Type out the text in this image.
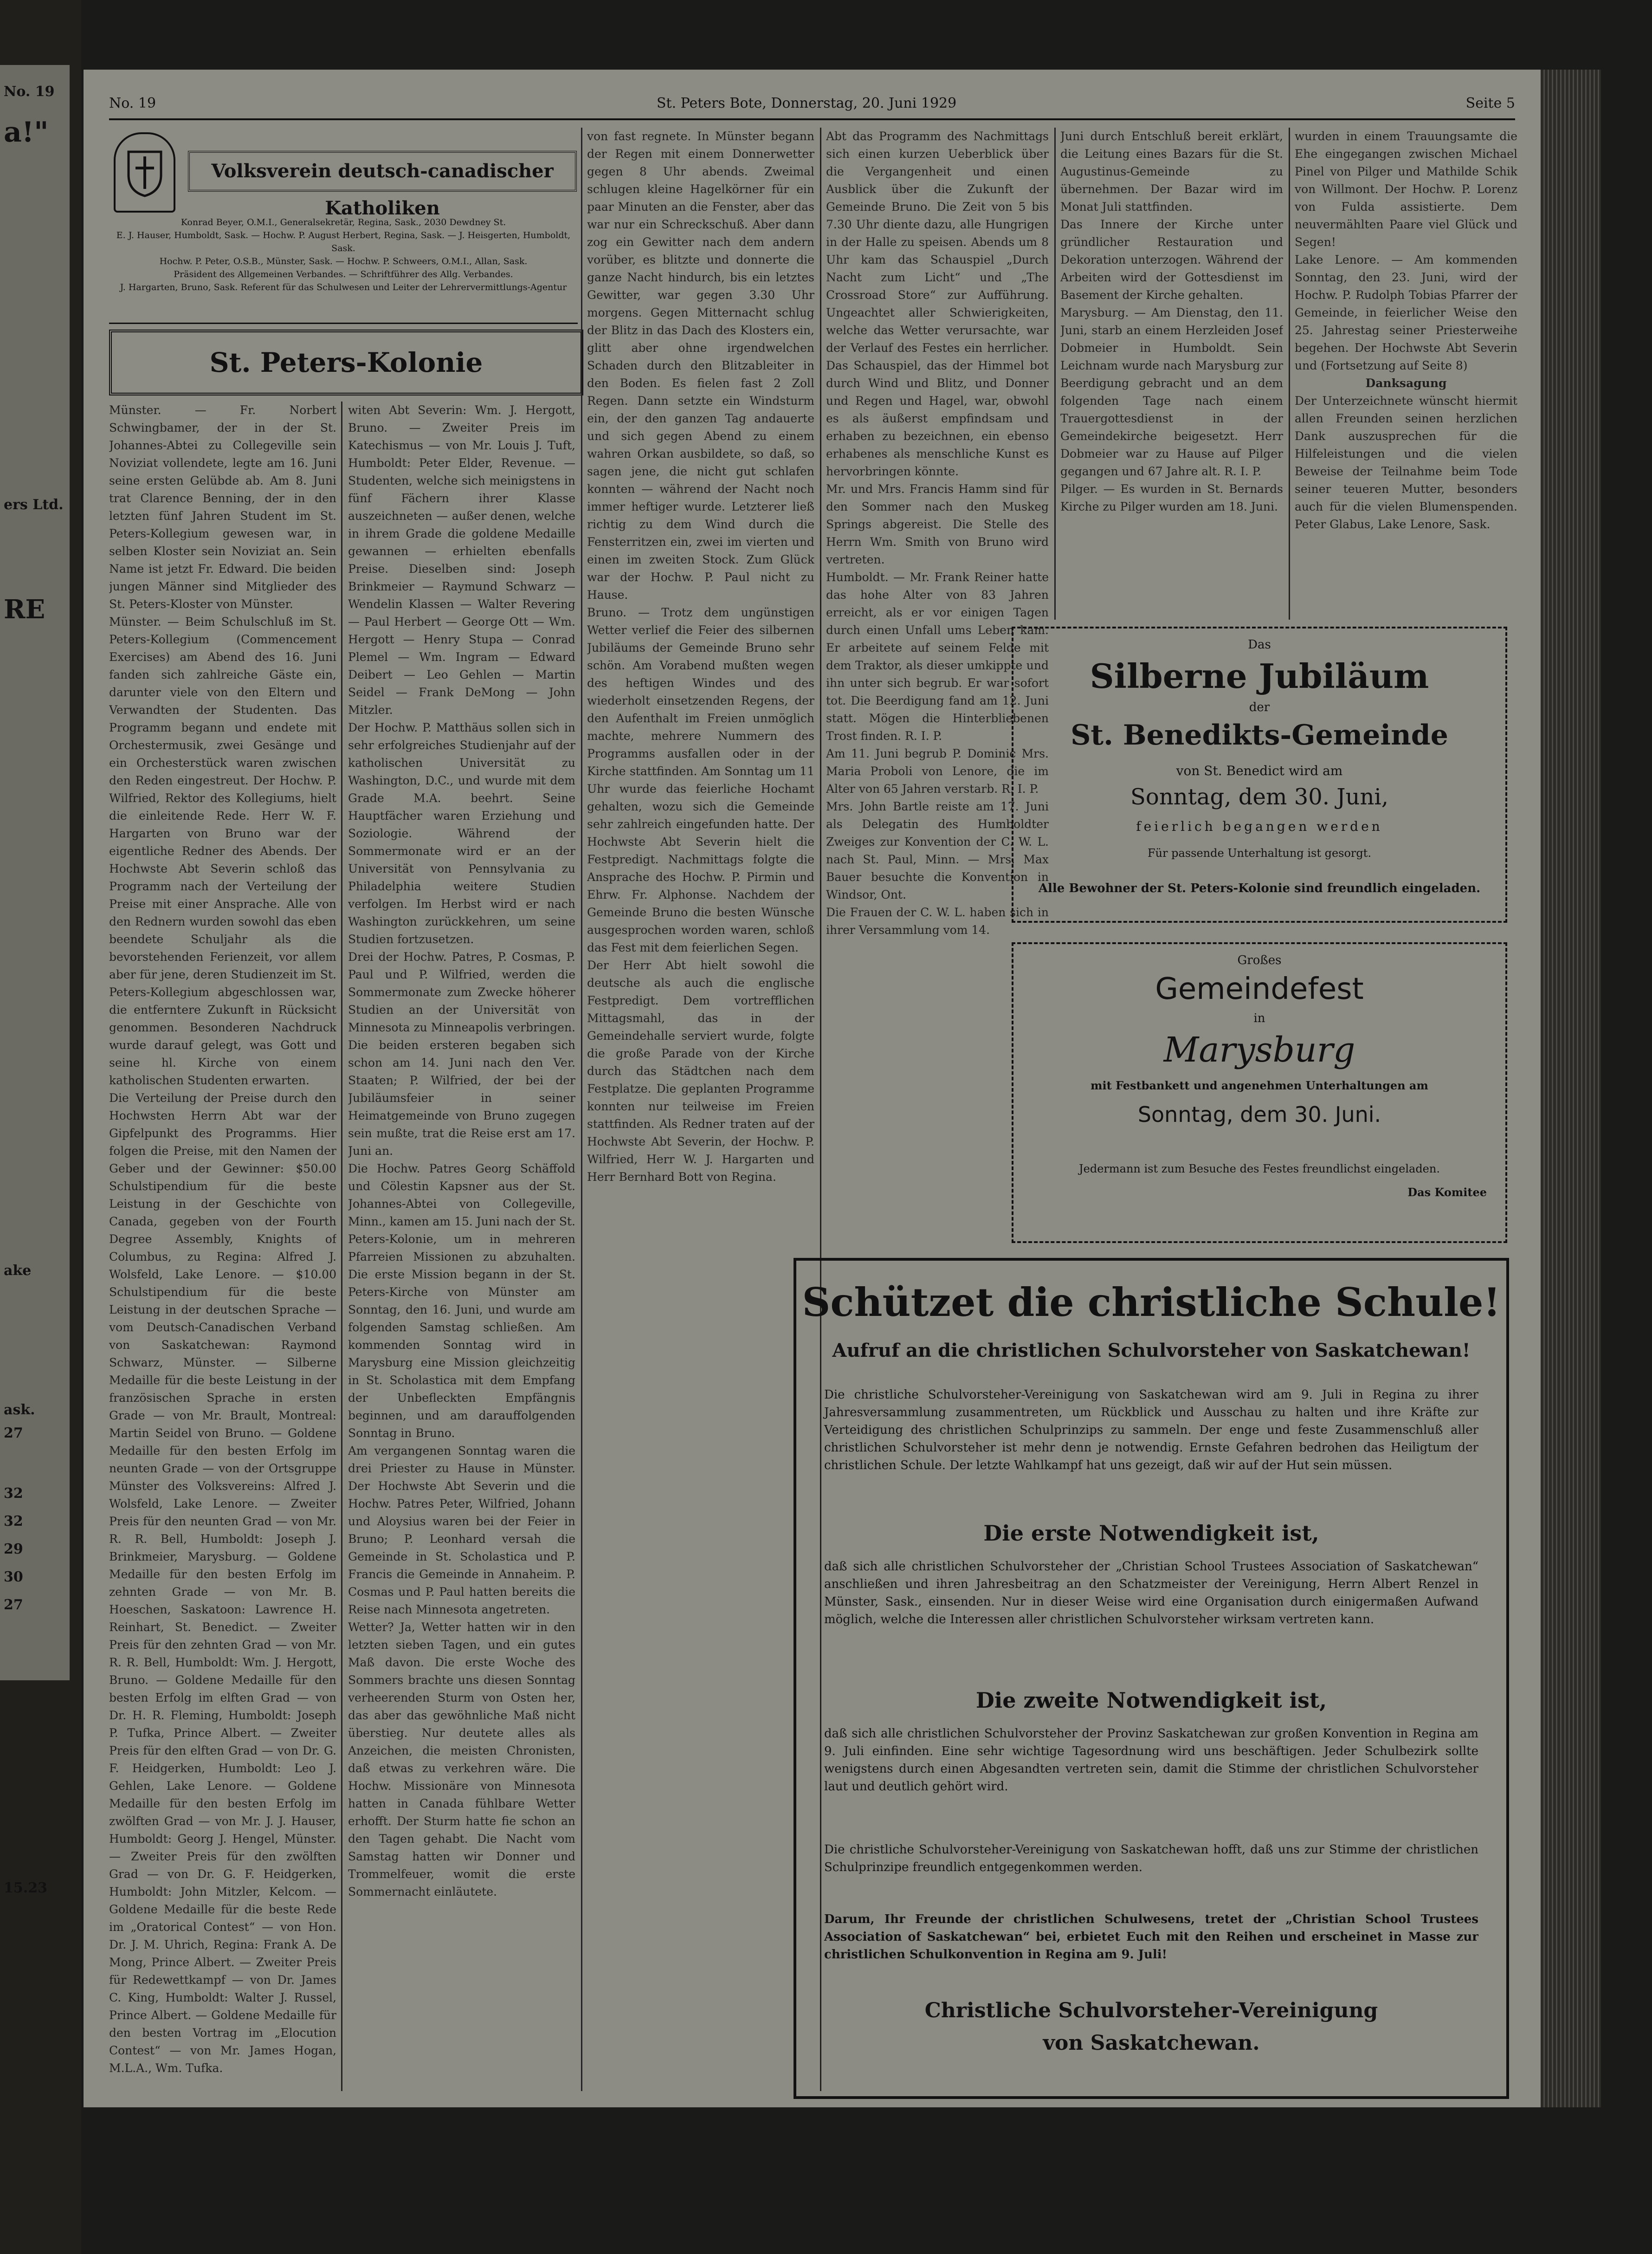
No. 19
a!"
ers Ltd.
RE
ake
ask.
27
32
32
29
30
27
15.23
No. 19	St. Peters Bote, Donnerstag, 20. Juni 1929	Seite 5
Volksverein deutsch-canadischer Katholiken
Konrad Beyer, O.M.I., Generalsekretär, Regina, Sask., 2030 Dewdney St.
E. J. Hauser, Humboldt, Sask. — Hochw. P. August Herbert, Regina, Sask. — J. Heisgerten, Humboldt, Sask.
Hochw. P. Peter, O.S.B., Münster, Sask. — Hochw. P. Schweers, O.M.I., Allan, Sask.
Präsident des Allgemeinen Verbandes. — Schriftführer des Allg. Verbandes.
J. Hargarten, Bruno, Sask. Referent für das Schulwesen und Leiter der Lehrervermittlungs-Agentur
St. Peters-Kolonie

Münster. — Fr. Norbert Schwingbamer, der in der St. Johannes-Abtei zu Collegeville sein Noviziat vollendete, legte am 16. Juni seine ersten Gelübde ab. Am 8. Juni trat Clarence Benning, der in den letzten fünf Jahren Student im St. Peters-Kollegium gewesen war, in selben Kloster sein Noviziat an. Sein Name ist jetzt Fr. Edward. Die beiden jungen Männer sind Mitglieder des St. Peters-Kloster von Münster.

Münster. — Beim Schulschluß im St. Peters-Kollegium (Commencement Exercises) am Abend des 16. Juni fanden sich zahlreiche Gäste ein, darunter viele von den Eltern und Verwandten der Studenten. Das Programm begann und endete mit Orchestermusik, zwei Gesänge und ein Orchesterstück waren zwischen den Reden eingestreut. Der Hochw. P. Wilfried, Rektor des Kollegiums, hielt die einleitende Rede. Herr W. F. Hargarten von Bruno war der eigentliche Redner des Abends. Der Hochwste Abt Severin schloß das Programm nach der Verteilung der Preise mit einer Ansprache. Alle von den Rednern wurden sowohl das eben beendete Schuljahr als die bevorstehenden Ferienzeit, vor allem aber für jene, deren Studienzeit im St. Peters-Kollegium abgeschlossen war, die entferntere Zukunft in Rücksicht genommen. Besonderen Nachdruck wurde darauf gelegt, was Gott und seine hl. Kirche von einem katholischen Studenten erwarten.

Die Verteilung der Preise durch den Hochwsten Herrn Abt war der Gipfelpunkt des Programms. Hier folgen die Preise, mit den Namen der Geber und der Gewinner: $50.00 Schulstipendium für die beste Leistung in der Geschichte von Canada, gegeben von der Fourth Degree Assembly, Knights of Columbus, zu Regina: Alfred J. Wolsfeld, Lake Lenore. — $10.00 Schulstipendium für die beste Leistung in der deutschen Sprache — vom Deutsch-Canadischen Verband von Saskatchewan: Raymond Schwarz, Münster. — Silberne Medaille für die beste Leistung in der französischen Sprache in ersten Grade — von Mr. Brault, Montreal: Martin Seidel von Bruno. — Goldene Medaille für den besten Erfolg im neunten Grade — von der Ortsgruppe Münster des Volksvereins: Alfred J. Wolsfeld, Lake Lenore. — Zweiter Preis für den neunten Grad — von Mr. R. R. Bell, Humboldt: Joseph J. Brinkmeier, Marysburg. — Goldene Medaille für den besten Erfolg im zehnten Grade — von Mr. B. Hoeschen, Saskatoon: Lawrence H. Reinhart, St. Benedict. — Zweiter Preis für den zehnten Grad — von Mr. R. R. Bell, Humboldt: Wm. J. Hergott, Bruno. — Goldene Medaille für den besten Erfolg im elften Grad — von Dr. H. R. Fleming, Humboldt: Joseph P. Tufka, Prince Albert. — Zweiter Preis für den elften Grad — von Dr. G. F. Heidgerken, Humboldt: Leo J. Gehlen, Lake Lenore. — Goldene Medaille für den besten Erfolg im zwölften Grad — von Mr. J. J. Hauser, Humboldt: Georg J. Hengel, Münster. — Zweiter Preis für den zwölften Grad — von Dr. G. F. Heidgerken, Humboldt: John Mitzler, Kelcom. — Goldene Medaille für die beste Rede im „Oratorical Contest“ — von Hon. Dr. J. M. Uhrich, Regina: Frank A. De Mong, Prince Albert. — Zweiter Preis für Redewettkampf — von Dr. James C. King, Humboldt: Walter J. Russel, Prince Albert. — Goldene Medaille für den besten Vortrag im „Elocution Contest“ — von Mr. James Hogan, M.L.A., Wm. Tufka.

witen Abt Severin: Wm. J. Hergott, Bruno. — Zweiter Preis im Katechismus — von Mr. Louis J. Tuft, Humboldt: Peter Elder, Revenue. — Studenten, welche sich meinigstens in fünf Fächern ihrer Klasse auszeichneten — außer denen, welche in ihrem Grade die goldene Medaille gewannen — erhielten ebenfalls Preise. Dieselben sind: Joseph Brinkmeier — Raymund Schwarz — Wendelin Klassen — Walter Revering — Paul Herbert — George Ott — Wm. Hergott — Henry Stupa — Conrad Plemel — Wm. Ingram — Edward Deibert — Leo Gehlen — Martin Seidel — Frank DeMong — John Mitzler.

Der Hochw. P. Matthäus sollen sich in sehr erfolgreiches Studienjahr auf der katholischen Universität zu Washington, D.C., und wurde mit dem Grade M.A. beehrt. Seine Hauptfächer waren Erziehung und Soziologie. Während der Sommermonate wird er an der Universität von Pennsylvania zu Philadelphia weitere Studien verfolgen. Im Herbst wird er nach Washington zurückkehren, um seine Studien fortzusetzen.

Drei der Hochw. Patres, P. Cosmas, P. Paul und P. Wilfried, werden die Sommermonate zum Zwecke höherer Studien an der Universität von Minnesota zu Minneapolis verbringen. Die beiden ersteren begaben sich schon am 14. Juni nach den Ver. Staaten; P. Wilfried, der bei der Jubiläumsfeier in seiner Heimatgemeinde von Bruno zugegen sein mußte, trat die Reise erst am 17. Juni an.

Die Hochw. Patres Georg Schäffold und Cölestin Kapsner aus der St. Johannes-Abtei von Collegeville, Minn., kamen am 15. Juni nach der St. Peters-Kolonie, um in mehreren Pfarreien Missionen zu abzuhalten. Die erste Mission begann in der St. Peters-Kirche von Münster am Sonntag, den 16. Juni, und wurde am folgenden Samstag schließen. Am kommenden Sonntag wird in Marysburg eine Mission gleichzeitig in St. Scholastica mit dem Empfang der Unbefleckten Empfängnis beginnen, und am darauffolgenden Sonntag in Bruno.

Am vergangenen Sonntag waren die drei Priester zu Hause in Münster. Der Hochwste Abt Severin und die Hochw. Patres Peter, Wilfried, Johann und Aloysius waren bei der Feier in Bruno; P. Leonhard versah die Gemeinde in St. Scholastica und P. Francis die Gemeinde in Annaheim. P. Cosmas und P. Paul hatten bereits die Reise nach Minnesota angetreten.

Wetter? Ja, Wetter hatten wir in den letzten sieben Tagen, und ein gutes Maß davon. Die erste Woche des Sommers brachte uns diesen Sonntag verheerenden Sturm von Osten her, das aber das gewöhnliche Maß nicht überstieg. Nur deutete alles als Anzeichen, die meisten Chronisten, daß etwas zu verkehren wäre. Die Hochw. Missionäre von Minnesota hatten in Canada fühlbare Wetter erhofft. Der Sturm hatte fie schon an den Tagen gehabt. Die Nacht vom Samstag hatten wir Donner und Trommelfeuer, womit die erste Sommernacht einläutete.

von fast regnete. In Münster begann der Regen mit einem Donnerwetter gegen 8 Uhr abends. Zweimal schlugen kleine Hagelkörner für ein paar Minuten an die Fenster, aber das war nur ein Schreckschuß. Aber dann zog ein Gewitter nach dem andern vorüber, es blitzte und donnerte die ganze Nacht hindurch, bis ein letztes Gewitter, war gegen 3.30 Uhr morgens. Gegen Mitternacht schlug der Blitz in das Dach des Klosters ein, glitt aber ohne irgendwelchen Schaden durch den Blitzableiter in den Boden. Es fielen fast 2 Zoll Regen. Dann setzte ein Windsturm ein, der den ganzen Tag andauerte und sich gegen Abend zu einem wahren Orkan ausbildete, so daß, so sagen jene, die nicht gut schlafen konnten — während der Nacht noch immer heftiger wurde. Letzterer ließ richtig zu dem Wind durch die Fensterritzen ein, zwei im vierten und einen im zweiten Stock. Zum Glück war der Hochw. P. Paul nicht zu Hause.

Bruno. — Trotz dem ungünstigen Wetter verlief die Feier des silbernen Jubiläums der Gemeinde Bruno sehr schön. Am Vorabend mußten wegen des heftigen Windes und des wiederholt einsetzenden Regens, der den Aufenthalt im Freien unmöglich machte, mehrere Nummern des Programms ausfallen oder in der Kirche stattfinden. Am Sonntag um 11 Uhr wurde das feierliche Hochamt gehalten, wozu sich die Gemeinde sehr zahlreich eingefunden hatte. Der Hochwste Abt Severin hielt die Festpredigt. Nachmittags folgte die Ansprache des Hochw. P. Pirmin und Ehrw. Fr. Alphonse. Nachdem der Gemeinde Bruno die besten Wünsche ausgesprochen worden waren, schloß das Fest mit dem feierlichen Segen.

Der Herr Abt hielt sowohl die deutsche als auch die englische Festpredigt. Dem vortrefflichen Mittagsmahl, das in der Gemeindehalle serviert wurde, folgte die große Parade von der Kirche durch das Städtchen nach dem Festplatze. Die geplanten Programme konnten nur teilweise im Freien stattfinden. Als Redner traten auf der Hochwste Abt Severin, der Hochw. P. Wilfried, Herr W. J. Hargarten und Herr Bernhard Bott von Regina.

Abt das Programm des Nachmittags sich einen kurzen Ueberblick über die Vergangenheit und einen Ausblick über die Zukunft der Gemeinde Bruno. Die Zeit von 5 bis 7.30 Uhr diente dazu, alle Hungrigen in der Halle zu speisen. Abends um 8 Uhr kam das Schauspiel „Durch Nacht zum Licht“ und „The Crossroad Store“ zur Aufführung. Ungeachtet aller Schwierigkeiten, welche das Wetter verursachte, war der Verlauf des Festes ein herrlicher. Das Schauspiel, das der Himmel bot durch Wind und Blitz, und Donner und Regen und Hagel, war, obwohl es als äußerst empfindsam und erhaben zu bezeichnen, ein ebenso erhabenes als menschliche Kunst es hervorbringen könnte.

Mr. und Mrs. Francis Hamm sind für den Sommer nach den Muskeg Springs abgereist. Die Stelle des Herrn Wm. Smith von Bruno wird vertreten.

Humboldt. — Mr. Frank Reiner hatte das hohe Alter von 83 Jahren erreicht, als er vor einigen Tagen durch einen Unfall ums Leben kam. Er arbeitete auf seinem Felde mit dem Traktor, als dieser umkippte und ihn unter sich begrub. Er war sofort tot. Die Beerdigung fand am 12. Juni statt. Mögen die Hinterbliebenen Trost finden. R. I. P.

Am 11. Juni begrub P. Dominic Mrs. Maria Proboli von Lenore, die im Alter von 65 Jahren verstarb. R. I. P.

Mrs. John Bartle reiste am 17. Juni als Delegatin des Humboldter Zweiges zur Konvention der C. W. L. nach St. Paul, Minn. — Mrs. Max Bauer besuchte die Konvention in Windsor, Ont.

Die Frauen der C. W. L. haben sich in ihrer Versammlung vom 14.

Juni durch Entschluß bereit erklärt, die Leitung eines Bazars für die St. Augustinus-Gemeinde zu übernehmen. Der Bazar wird im Monat Juli stattfinden.

Das Innere der Kirche unter gründlicher Restauration und Dekoration unterzogen. Während der Arbeiten wird der Gottesdienst im Basement der Kirche gehalten.

Marysburg. — Am Dienstag, den 11. Juni, starb an einem Herzleiden Josef Dobmeier in Humboldt. Sein Leichnam wurde nach Marysburg zur Beerdigung gebracht und an dem folgenden Tage nach einem Trauergottesdienst in der Gemeindekirche beigesetzt. Herr Dobmeier war zu Hause auf Pilger gegangen und 67 Jahre alt. R. I. P.

Pilger. — Es wurden in St. Bernards Kirche zu Pilger wurden am 18. Juni.

wurden in einem Trauungsamte die Ehe eingegangen zwischen Michael Pinel von Pilger und Mathilde Schik von Willmont. Der Hochw. P. Lorenz von Fulda assistierte. Dem neuvermählten Paare viel Glück und Segen!

Lake Lenore. — Am kommenden Sonntag, den 23. Juni, wird der Hochw. P. Rudolph Tobias Pfarrer der Gemeinde, in feierlicher Weise den 25. Jahrestag seiner Priesterweihe begehen. Der Hochwste Abt Severin und (Fortsetzung auf Seite 8)

Danksagung

Der Unterzeichnete wünscht hiermit allen Freunden seinen herzlichen Dank auszusprechen für die Hilfeleistungen und die vielen Beweise der Teilnahme beim Tode seiner teueren Mutter, besonders auch für die vielen Blumenspenden. Peter Glabus, Lake Lenore, Sask.

Das
Silberne Jubiläum
der
St. Benedikts-Gemeinde
von St. Benedict wird am
Sonntag, dem 30. Juni,
feierlich begangen werden
Für passende Unterhaltung ist gesorgt.
Alle Bewohner der St. Peters-Kolonie sind freundlich eingeladen.
Großes
Gemeindefest
in
Marysburg
mit Festbankett und angenehmen Unterhaltungen am
Sonntag, dem 30. Juni.
Jedermann ist zum Besuche des Festes freundlichst eingeladen.
Das Komitee
Schützet die christliche Schule!
Aufruf an die christlichen Schulvorsteher von Saskatchewan!

Die christliche Schulvorsteher-Vereinigung von Saskatchewan wird am 9. Juli in Regina zu ihrer Jahresversammlung zusammentreten, um Rückblick und Ausschau zu halten und ihre Kräfte zur Verteidigung des christlichen Schulprinzips zu sammeln. Der enge und feste Zusammenschluß aller christlichen Schulvorsteher ist mehr denn je notwendig. Ernste Gefahren bedrohen das Heiligtum der christlichen Schule. Der letzte Wahlkampf hat uns gezeigt, daß wir auf der Hut sein müssen.

Die erste Notwendigkeit ist,

daß sich alle christlichen Schulvorsteher der „Christian School Trustees Association of Saskatchewan“ anschließen und ihren Jahresbeitrag an den Schatzmeister der Vereinigung, Herrn Albert Renzel in Münster, Sask., einsenden. Nur in dieser Weise wird eine Organisation durch einigermaßen Aufwand möglich, welche die Interessen aller christlichen Schulvorsteher wirksam vertreten kann.

Die zweite Notwendigkeit ist,

daß sich alle christlichen Schulvorsteher der Provinz Saskatchewan zur großen Konvention in Regina am 9. Juli einfinden. Eine sehr wichtige Tagesordnung wird uns beschäftigen. Jeder Schulbezirk sollte wenigstens durch einen Abgesandten vertreten sein, damit die Stimme der christlichen Schulvorsteher laut und deutlich gehört wird.

Die christliche Schulvorsteher-Vereinigung von Saskatchewan hofft, daß uns zur Stimme der christlichen Schulprinzipe freundlich entgegenkommen werden.

Darum, Ihr Freunde der christlichen Schulwesens, tretet der „Christian School Trustees Association of Saskatchewan“ bei, erbietet Euch mit den Reihen und erscheinet in Masse zur christlichen Schulkonvention in Regina am 9. Juli!

Christliche Schulvorsteher-Vereinigung
von Saskatchewan.
